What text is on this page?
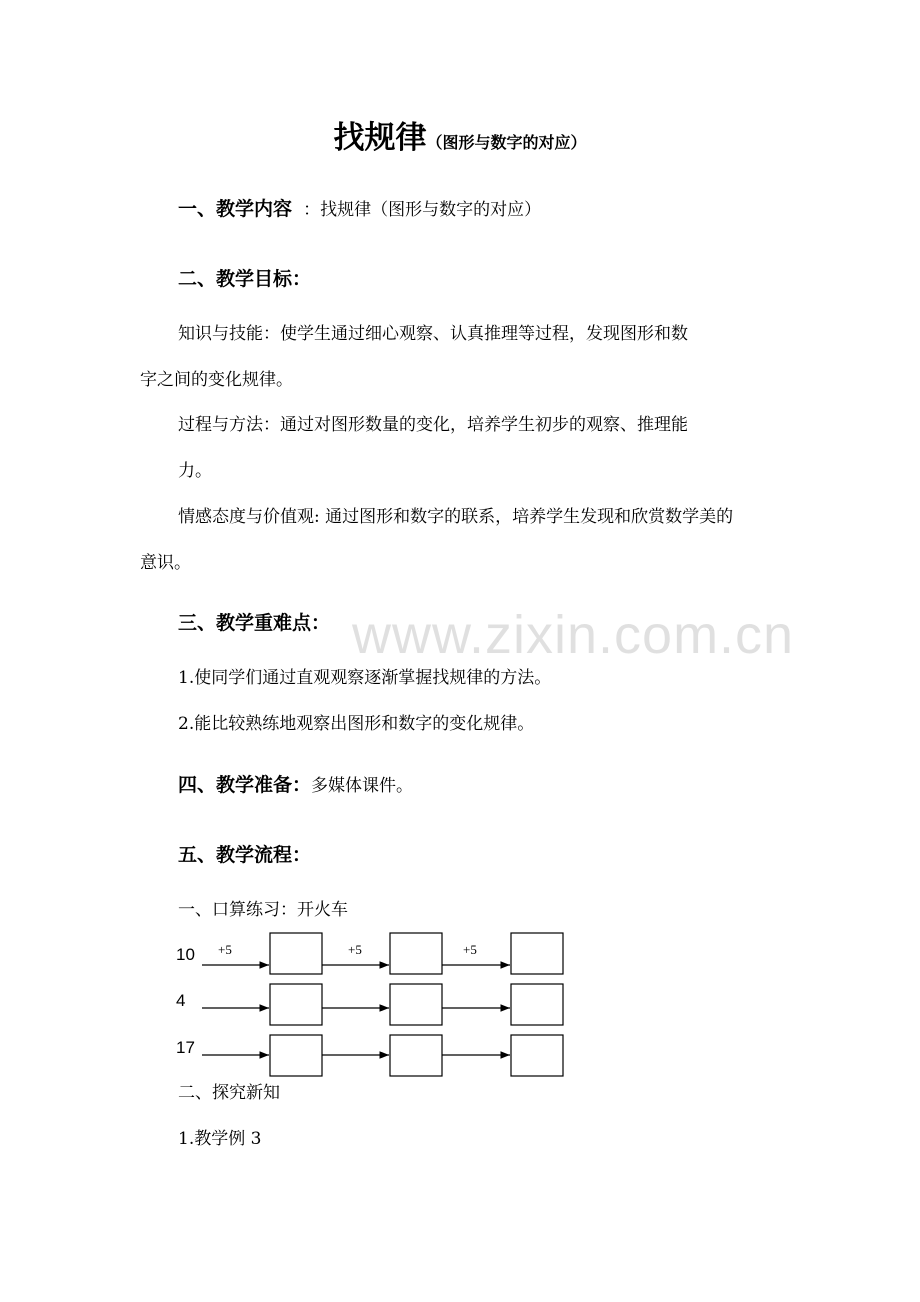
找规律（图形与数字的对应）
一、教学内容 ：找规律（图形与数字的对应）
二、教学目标：
知识与技能：使学生通过细心观察、认真推理等过程，发现图形和数
字之间的变化规律。
过程与方法：通过对图形数量的变化，培养学生初步的观察、推理能
力。
情感态度与价值观: 通过图形和数字的联系，培养学生发现和欣赏数学美的
意识。
www.zixin.com.cn
三、教学重难点：
1.使同学们通过直观观察逐渐掌握找规律的方法。
2.能比较熟练地观察出图形和数字的变化规律。
四、教学准备：多媒体课件。
五、教学流程：
一、口算练习：开火车
10 +5	+5	+5
4
17
二、探究新知
1.教学例 3
